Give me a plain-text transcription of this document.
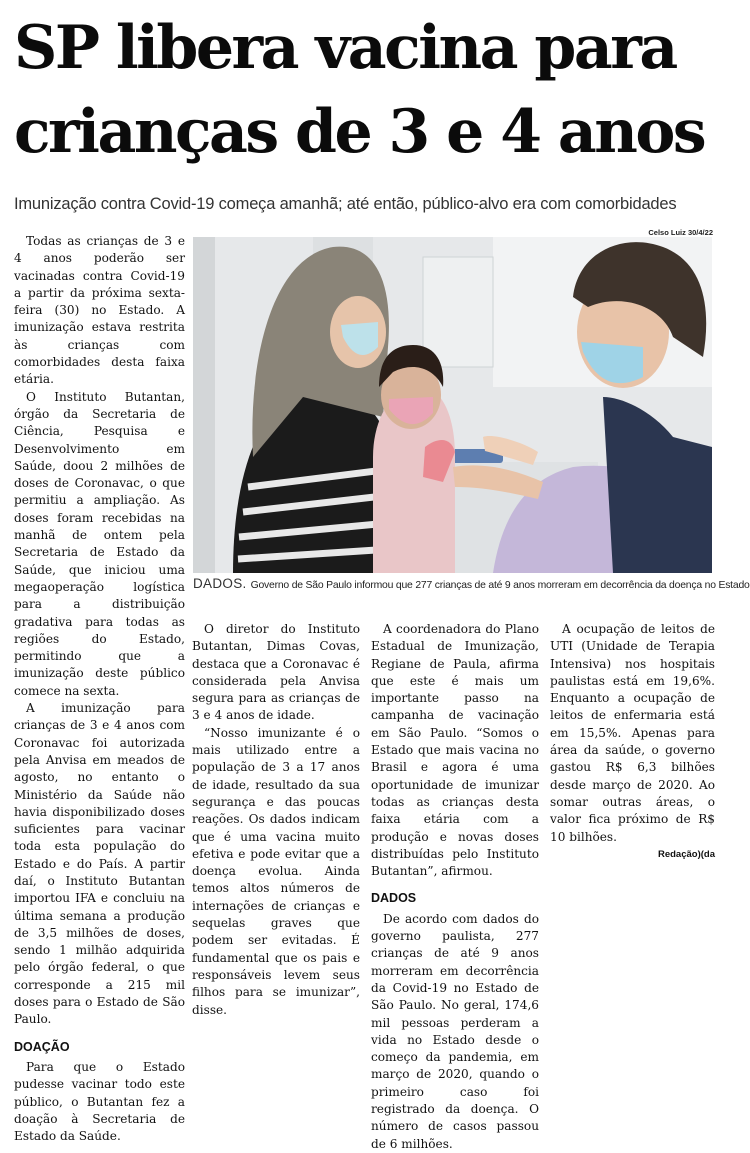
SP libera vacina para
crianças de 3 e 4 anos
Imunização contra Covid-19 começa amanhã; até então, público-alvo era com comorbidades
Celso Luiz 30/4/22
DADOS. Governo de São Paulo informou que 277 crianças de até 9 anos morreram em decorrência da doença no Estado

Todas as crianças de 3 e 4 anos poderão ser vacinadas contra Covid-19 a partir da próxima sexta-feira (30) no Estado. A imunização estava restrita às crianças com comorbidades desta faixa etária.

O Instituto Butantan, órgão da Secretaria de Ciência, Pesquisa e Desenvolvimento em Saúde, doou 2 milhões de doses de Coronavac, o que permitiu a ampliação. As doses foram recebidas na manhã de ontem pela Secretaria de Estado da Saúde, que iniciou uma megaoperação logística para a distribuição gradativa para todas as regiões do Estado, permitindo que a imunização deste público comece na sexta.

A imunização para crianças de 3 e 4 anos com Coronavac foi autorizada pela Anvisa em meados de agosto, no entanto o Ministério da Saúde não havia disponibilizado doses suficientes para vacinar toda esta população do Estado e do País. A partir daí, o Instituto Butantan importou IFA e concluiu na última semana a produção de 3,5 milhões de doses, sendo 1 milhão adquirida pelo órgão federal, o que corresponde a 215 mil doses para o Estado de São Paulo.

DOAÇÃO

Para que o Estado pudesse vacinar todo este público, o Butantan fez a doação à Secretaria de Estado da Saúde.

O diretor do Instituto Butantan, Dimas Covas, destaca que a Coronavac é considerada pela Anvisa segura para as crianças de 3 e 4 anos de idade.

“Nosso imunizante é o mais utilizado entre a população de 3 a 17 anos de idade, resultado da sua segurança e das poucas reações. Os dados indicam que é uma vacina muito efetiva e pode evitar que a doença evolua. Ainda temos altos números de internações de crianças e sequelas graves que podem ser evitadas. É fundamental que os pais e responsáveis levem seus filhos para se imunizar”, disse.

A coordenadora do Plano Estadual de Imunização, Regiane de Paula, afirma que este é mais um importante passo na campanha de vacinação em São Paulo. “Somos o Estado que mais vacina no Brasil e agora é uma oportunidade de imunizar todas as crianças desta faixa etária com a produção e novas doses distribuídas pelo Instituto Butantan”, afirmou.

DADOS

De acordo com dados do governo paulista, 277 crianças de até 9 anos morreram em decorrência da Covid-19 no Estado de São Paulo. No geral, 174,6 mil pessoas perderam a vida no Estado desde o começo da pandemia, em março de 2020, quando o primeiro caso foi registrado da doença. O número de casos passou de 6 milhões.

A ocupação de leitos de UTI (Unidade de Terapia Intensiva) nos hospitais paulistas está em 19,6%. Enquanto a ocupação de leitos de enfermaria está em 15,5%. Apenas para área da saúde, o governo gastou R$ 6,3 bilhões desde março de 2020. Ao somar outras áreas, o valor fica próximo de R$ 10 bilhões.

(da
Redação)
